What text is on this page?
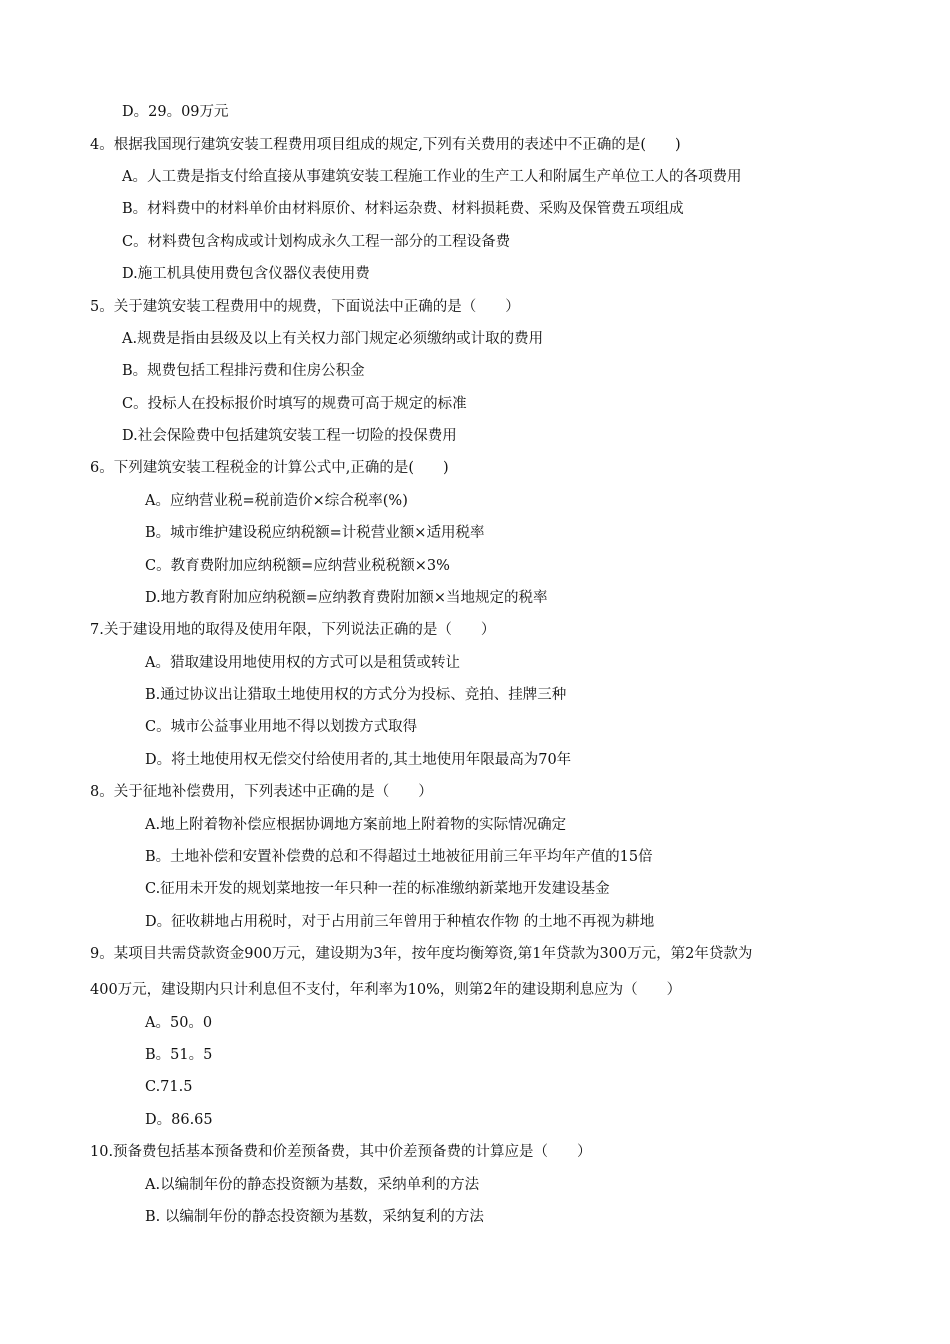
D。29。09万元
4。根据我国现行建筑安装工程费用项目组成的规定,下列有关费用的表述中不正确的是(　　)
A。人工费是指支付给直接从事建筑安装工程施工作业的生产工人和附属生产单位工人的各项费用
B。材料费中的材料单价由材料原价、材料运杂费、材料损耗费、采购及保管费五项组成
C。材料费包含构成或计划构成永久工程一部分的工程设备费
D.施工机具使用费包含仪器仪表使用费
5。关于建筑安装工程费用中的规费，下面说法中正确的是（　　）
A.规费是指由县级及以上有关权力部门规定必须缴纳或计取的费用
B。规费包括工程排污费和住房公积金
C。投标人在投标报价时填写的规费可高于规定的标准
D.社会保险费中包括建筑安装工程一切险的投保费用
6。下列建筑安装工程税金的计算公式中,正确的是(　　)
A。应纳营业税=税前造价×综合税率(%)
B。城市维护建设税应纳税额=计税营业额×适用税率
C。教育费附加应纳税额=应纳营业税税额×3%
D.地方教育附加应纳税额=应纳教育费附加额×当地规定的税率
7.关于建设用地的取得及使用年限，下列说法正确的是（　　）
A。猎取建设用地使用权的方式可以是租赁或转让
B.通过协议出让猎取土地使用权的方式分为投标、竞拍、挂牌三种
C。城市公益事业用地不得以划拨方式取得
D。将土地使用权无偿交付给使用者的,其土地使用年限最高为70年
8。关于征地补偿费用，下列表述中正确的是（　　）
A.地上附着物补偿应根据协调地方案前地上附着物的实际情况确定
B。土地补偿和安置补偿费的总和不得超过土地被征用前三年平均年产值的15倍
C.征用未开发的规划菜地按一年只种一茬的标准缴纳新菜地开发建设基金
D。征收耕地占用税时，对于占用前三年曾用于种植农作物 的土地不再视为耕地
9。某项目共需贷款资金900万元，建设期为3年，按年度均衡筹资,第1年贷款为300万元，第2年贷款为
400万元，建设期内只计利息但不支付，年利率为10%，则第2年的建设期利息应为（　　）
A。50。0
B。51。5
C.71.5
D。86.65
10.预备费包括基本预备费和价差预备费，其中价差预备费的计算应是（　　）
A.以编制年份的静态投资额为基数，采纳单利的方法
B. 以编制年份的静态投资额为基数，采纳复利的方法
